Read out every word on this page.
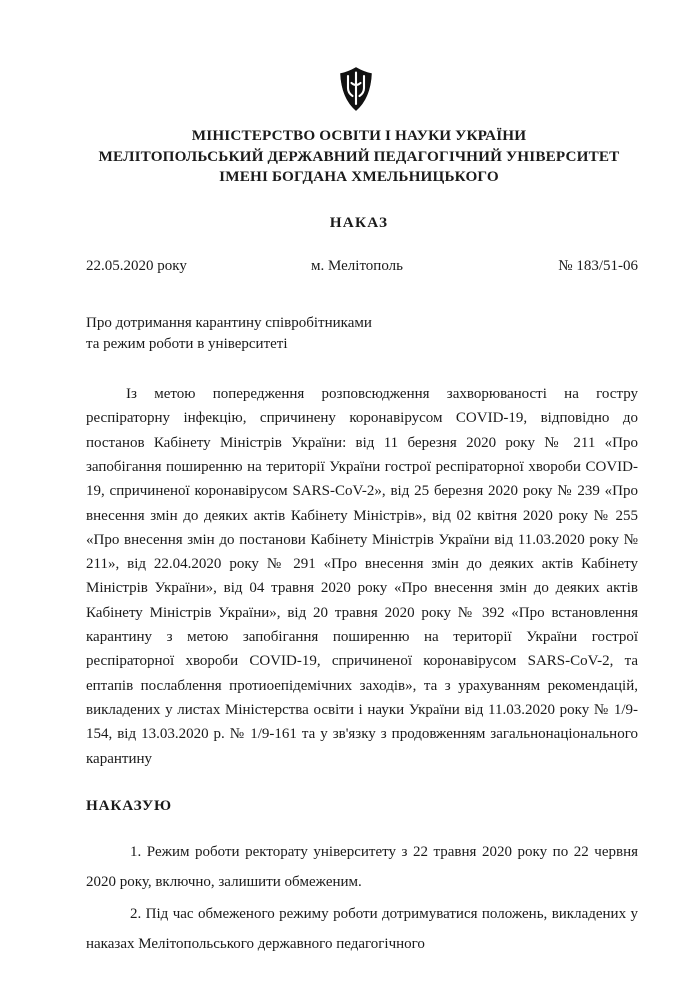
МІНІСТЕРСТВО ОСВІТИ І НАУКИ УКРАЇНИ
МЕЛІТОПОЛЬСЬКИЙ ДЕРЖАВНИЙ ПЕДАГОГІЧНИЙ УНІВЕРСИТЕТ
ІМЕНІ БОГДАНА ХМЕЛЬНИЦЬКОГО
НАКАЗ
22.05.2020 року	м. Мелітополь	№ 183/51-06
Про дотримання карантину співробітниками
та режим роботи в університеті

Із метою попередження розповсюдження захворюваності на гостру респіраторну інфекцію, спричинену коронавірусом COVID-19, відповідно до постанов Кабінету Міністрів України: від 11 березня 2020 року № 211 «Про запобігання поширенню на території України гострої респіраторної хвороби COVID-19, спричиненої коронавірусом SARS-CoV-2», від 25 березня 2020 року № 239 «Про внесення змін до деяких актів Кабінету Міністрів», від 02 квітня 2020 року № 255 «Про внесення змін до постанови Кабінету Міністрів України від 11.03.2020 року № 211», від 22.04.2020 року № 291 «Про внесення змін до деяких актів Кабінету Міністрів України», від 04 травня 2020 року «Про внесення змін до деяких актів Кабінету Міністрів України», від 20 травня 2020 року № 392 «Про встановлення карантину з метою запобігання поширенню на території України гострої респіраторної хвороби COVID-19, спричиненої коронавірусом SARS-CoV-2, та ептапів послаблення протиоепідемічних заходів», та з урахуванням рекомендацій, викладених у листах Міністерства освіти і науки України від 11.03.2020 року № 1/9-154, від 13.03.2020 р. № 1/9-161 та у зв'язку з продовженням загальнонаціонального карантину

НАКАЗУЮ

1. Режим роботи ректорату університету з 22 травня 2020 року по 22 червня 2020 року, включно, залишити обмеженим.

2. Під час обмеженого режиму роботи дотримуватися положень, викладених у наказах Мелітопольського державного педагогічного
